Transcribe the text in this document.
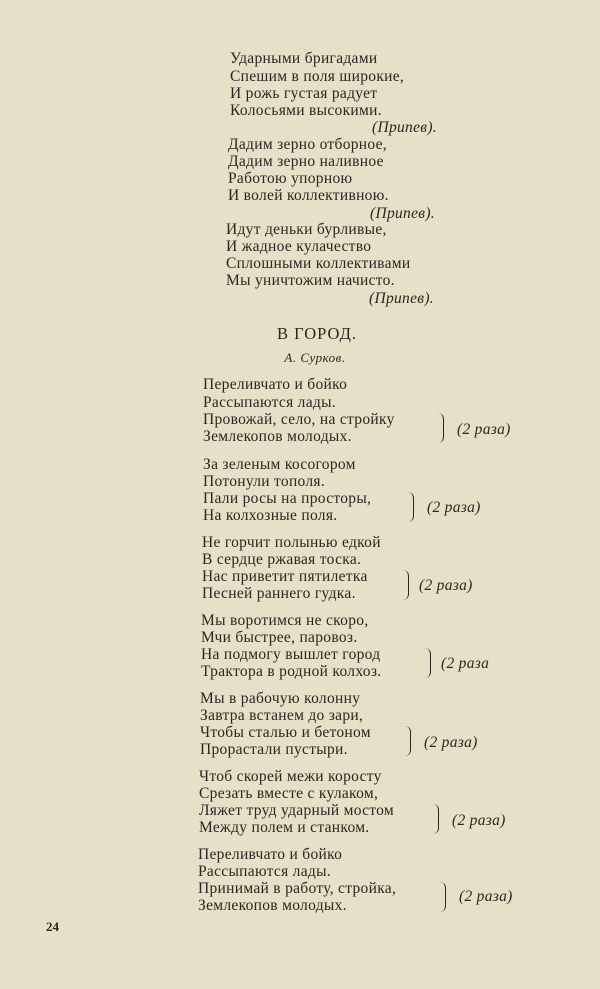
Ударными бригадами
Спешим в поля широкие,
И рожь густая радует
Колосьями высокими.
(Припев).
Дадим зерно отборное,
Дадим зерно наливное
Работою упорною
И волей коллективною.
(Припев).
Идут деньки бурливые,
И жадное кулачество
Сплошными коллективами
Мы уничтожим начисто.
(Припев).
В ГОРОД.
А. Сурков.
Переливчато и бойко
Рассыпаются лады.
Провожай, село, на стройку
Землекопов молодых.	(2 раза)
За зеленым косогором
Потонули тополя.
Пали росы на просторы,
На колхозные поля.	(2 раза)
Не горчит полынью едкой
В сердце ржавая тоска.
Нас приветит пятилетка
Песней раннего гудка.	(2 раза)
Мы воротимся не скоро,
Мчи быстрее, паровоз.
На подмогу вышлет город
Трактора в родной колхоз.	(2 раза
Мы в рабочую колонну
Завтра встанем до зари,
Чтобы сталью и бетоном
Прорастали пустыри.	(2 раза)
Чтоб скорей межи коросту
Срезать вместе с кулаком,
Ляжет труд ударный мостом
Между полем и станком.	(2 раза)
Переливчато и бойко
Рассыпаются лады.
Принимай в работу, стройка,
Землекопов молодых.
(2 раза)
24
